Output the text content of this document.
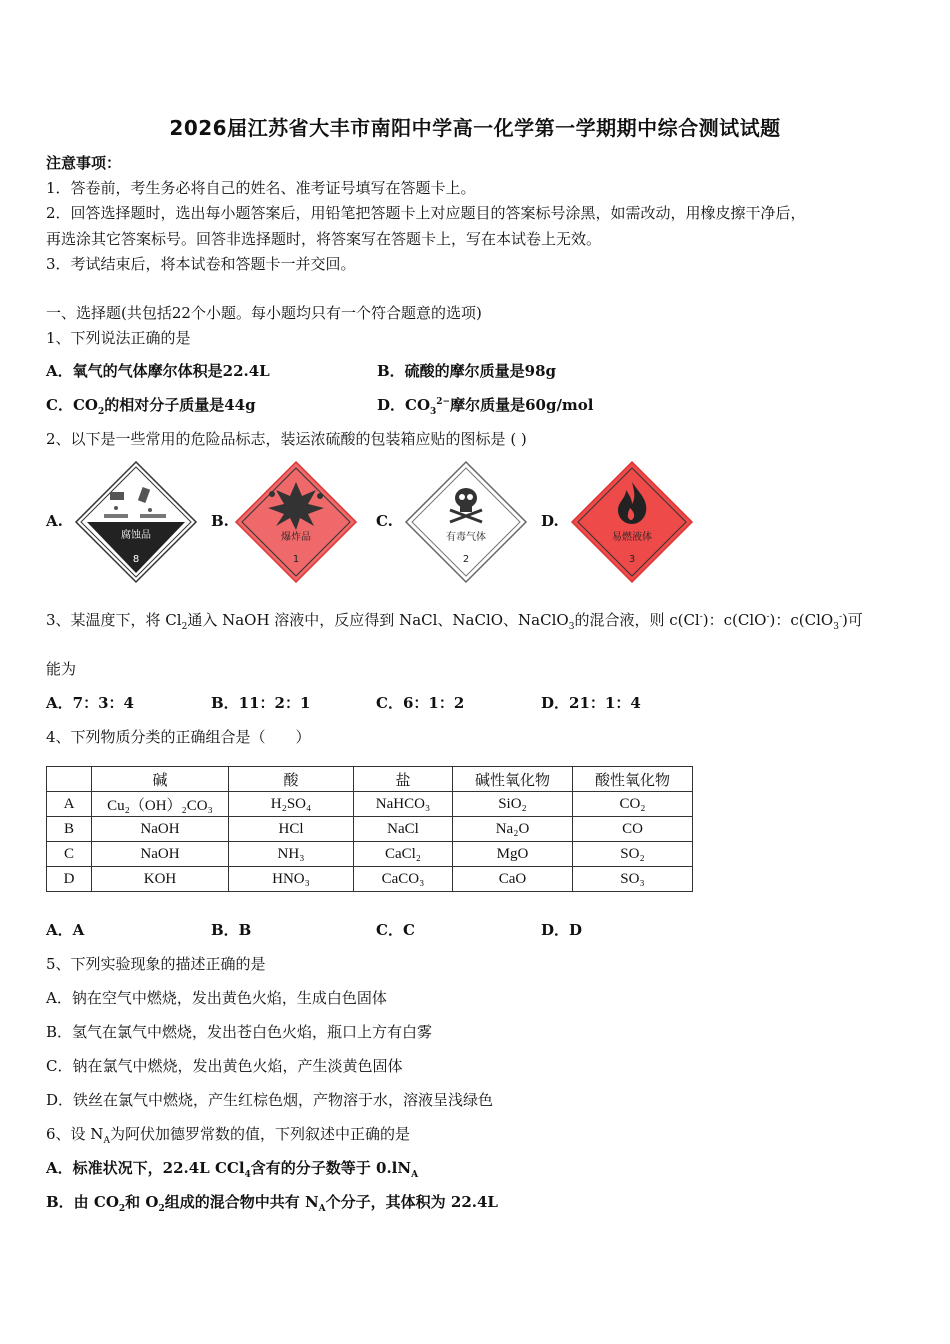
2026届江苏省大丰市南阳中学高一化学第一学期期中综合测试试题
注意事项：
1．答卷前，考生务必将自己的姓名、准考证号填写在答题卡上。
2．回答选择题时，选出每小题答案后，用铅笔把答题卡上对应题目的答案标号涂黑，如需改动，用橡皮擦干净后，
再选涂其它答案标号。回答非选择题时，将答案写在答题卡上，写在本试卷上无效。
3．考试结束后，将本试卷和答题卡一并交回。
一、选择题(共包括22个小题。每小题均只有一个符合题意的选项)
1、下列说法正确的是
A．氧气的气体摩尔体积是22.4L	B．硫酸的摩尔质量是98g
C．$CO_2$的相对分子质量是44g	D．$CO_3^{2-}$摩尔质量是60g/mol
2、以下是一些常用的危险品标志，装运浓硫酸的包装箱应贴的图标是 ( )
A.	B.	C.	D.
腐蚀品
8
爆炸品
1
有毒气体
2
易燃液体
3
3、某温度下，将 $Cl_2$通入 NaOH 溶液中，反应得到 NaCl、NaClO、NaClO$_3$的混合液，则 c(Cl-)：c(ClO-)：c(ClO$_3$-)可
能为
A．7：3：4	B．11：2：1	C．6：1：2	D．21：1：4
4、下列物质分类的正确组合是（　　）
	碱	酸	盐	碱性氧化物	酸性氧化物
A	Cu₂（OH）₂CO₃	H₂SO₄	NaHCO₃	SiO₂	CO₂
B	NaOH	HCl	NaCl	Na₂O	CO
C	NaOH	NH₃	CaCl₂	MgO	SO₂
D	KOH	HNO₃	CaCO₃	CaO	SO₃
A．A	B．B	C．C	D．D
5、下列实验现象的描述正确的是
A．钠在空气中燃烧，发出黄色火焰，生成白色固体
B．氢气在氯气中燃烧，发出苍白色火焰，瓶口上方有白雾
C．钠在氯气中燃烧，发出黄色火焰，产生淡黄色固体
D．铁丝在氯气中燃烧，产生红棕色烟，产物溶于水，溶液呈浅绿色
6、设 $N_A$为阿伏加德罗常数的值，下列叙述中正确的是
A．标准状况下，22.4L CCl$_4$含有的分子数等于 $0.lN_A$
B．由 $CO_2$和 $O_2$组成的混合物中共有 $N_A$个分子，其体积为 22.4L
